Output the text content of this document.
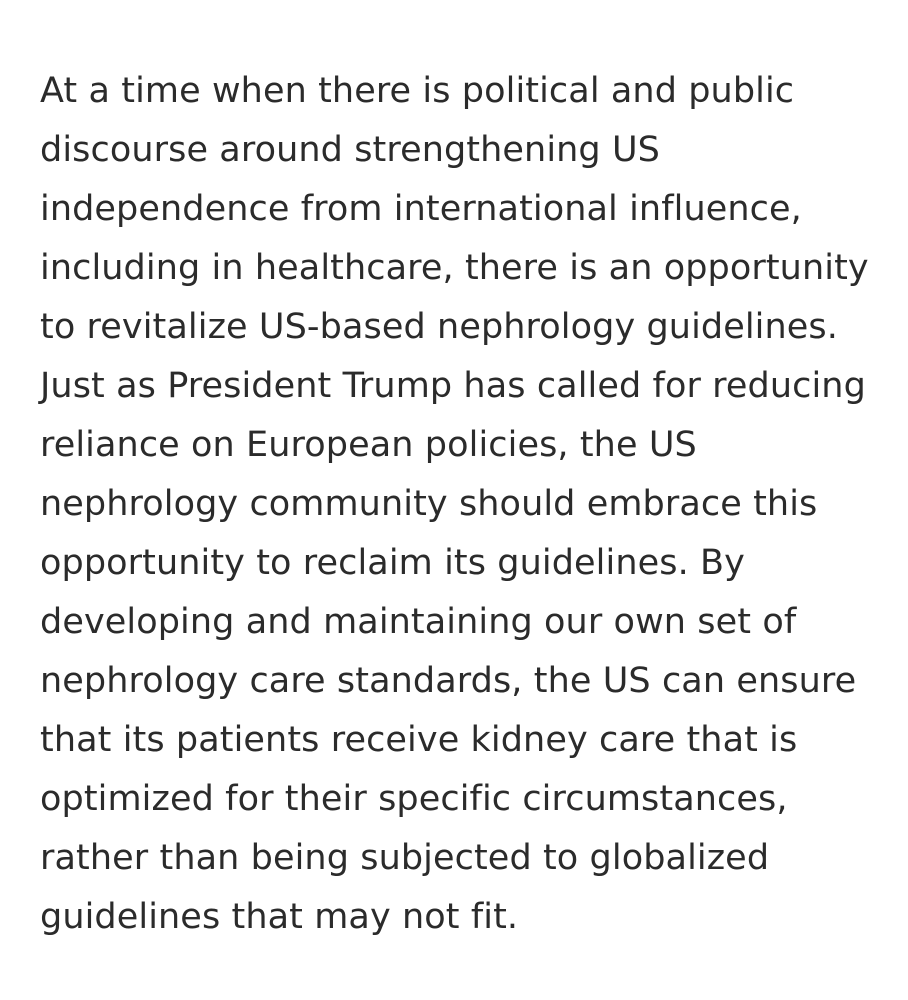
At a time when there is political and public
discourse around strengthening US
independence from international influence,
including in healthcare, there is an opportunity
to revitalize US-based nephrology guidelines.
Just as President Trump has called for reducing
reliance on European policies, the US
nephrology community should embrace this
opportunity to reclaim its guidelines. By
developing and maintaining our own set of
nephrology care standards, the US can ensure
that its patients receive kidney care that is
optimized for their specific circumstances,
rather than being subjected to globalized
guidelines that may not fit.
